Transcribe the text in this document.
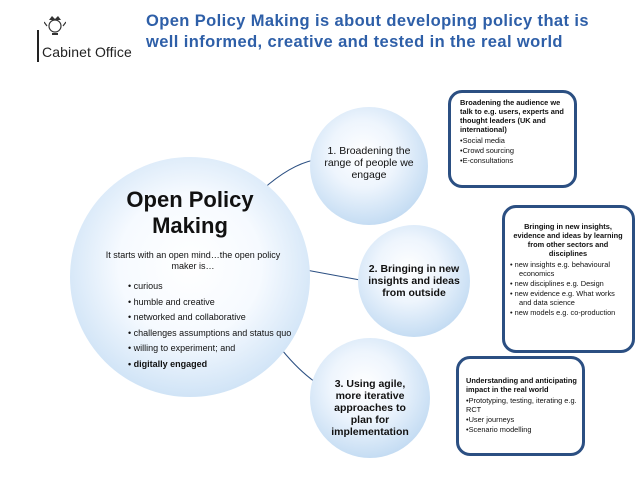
Cabinet Office
Open Policy Making is about developing policy that is
well informed, creative and tested in the real world
Open Policy
Making
It starts with an open mind…the open policy maker is…
• curious
• humble and creative
• networked and collaborative
• challenges assumptions and status quo
• willing to experiment; and
• digitally engaged
1. Broadening the range of people we engage
2. Bringing in new insights and ideas from outside
3. Using agile, more iterative approaches to plan for implementation
Broadening the audience we talk to e.g. users, experts and thought leaders (UK and international)
•Social media
•Crowd sourcing
•E-consultations
Bringing in new insights, evidence and ideas by learning from other sectors and disciplines
• new insights e.g. behavioural economics
• new disciplines e.g. Design
• new evidence e.g. What works and data science
• new models e.g. co-production
Understanding and anticipating impact in the real world
•Prototyping, testing, iterating e.g. RCT
•User journeys
•Scenario modelling
